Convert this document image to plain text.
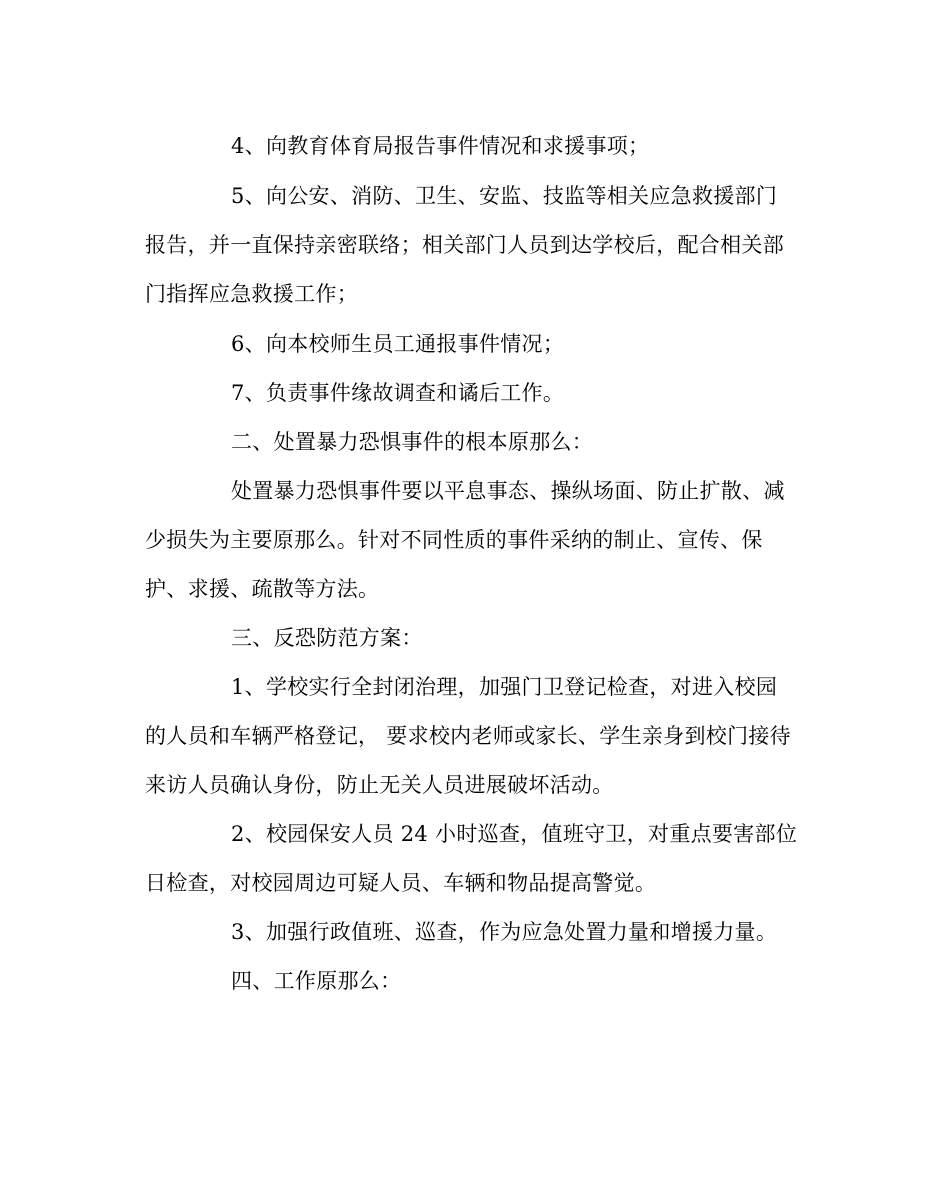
4、向教育体育局报告事件情况和求援事项；
5、向公安、消防、卫生、安监、技监等相关应急救援部门
报告，并一直保持亲密联络；相关部门人员到达学校后，配合相关部
门指挥应急救援工作；
6、向本校师生员工通报事件情况；
7、负责事件缘故调查和谲后工作。
二、处置暴力恐惧事件的根本原那么：
处置暴力恐惧事件要以平息事态、操纵场面、防止扩散、减
少损失为主要原那么。针对不同性质的事件采纳的制止、宣传、保
护、求援、疏散等方法。
三、反恐防范方案：
1、学校实行全封闭治理，加强门卫登记检查，对进入校园
的人员和车辆严格登记， 要求校内老师或家长、学生亲身到校门接待
来访人员确认身份，防止无关人员进展破坏活动。
2、校园保安人员 24 小时巡查，值班守卫，对重点要害部位
日检查，对校园周边可疑人员、车辆和物品提高警觉。
3、加强行政值班、巡查，作为应急处置力量和增援力量。
四、工作原那么：
